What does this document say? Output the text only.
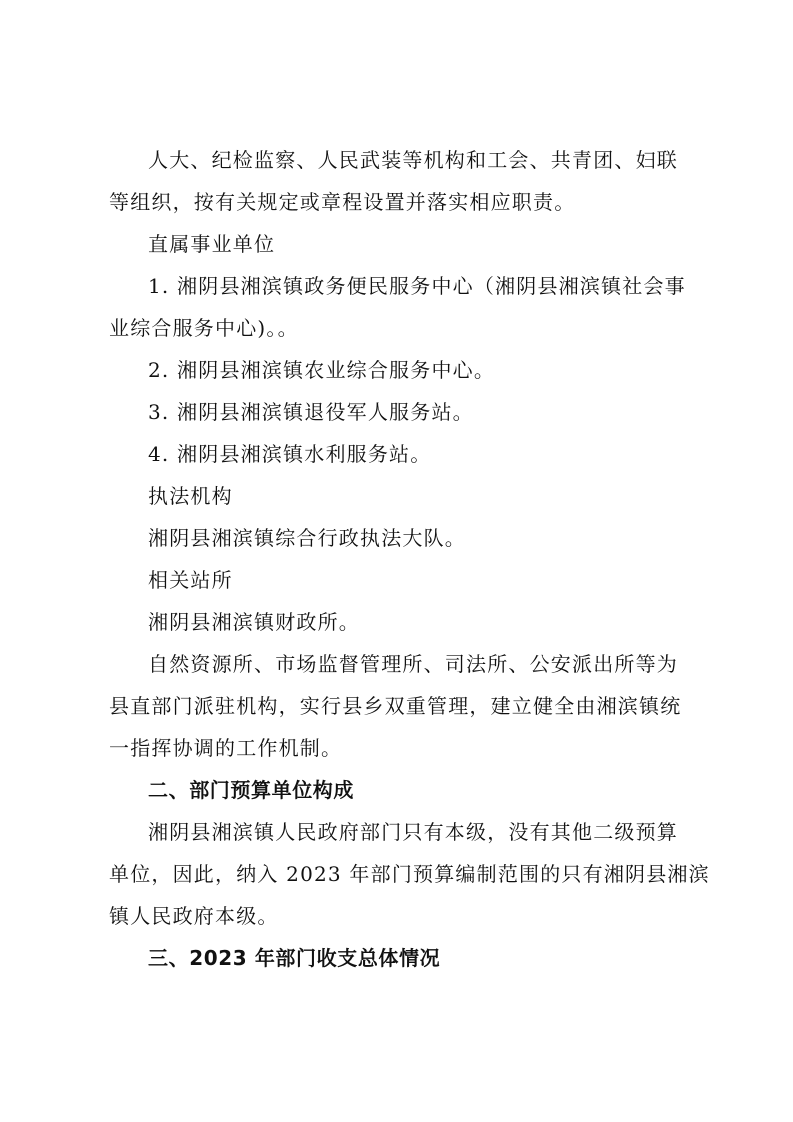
人大、纪检监察、人民武装等机构和工会、共青团、妇联
等组织，按有关规定或章程设置并落实相应职责。
直属事业单位
1. 湘阴县湘滨镇政务便民服务中心（湘阴县湘滨镇社会事
业综合服务中心)。。
2. 湘阴县湘滨镇农业综合服务中心。
3. 湘阴县湘滨镇退役军人服务站。
4. 湘阴县湘滨镇水利服务站。
执法机构
湘阴县湘滨镇综合行政执法大队。
相关站所
湘阴县湘滨镇财政所。
自然资源所、市场监督管理所、司法所、公安派出所等为
县直部门派驻机构，实行县乡双重管理，建立健全由湘滨镇统
一指挥协调的工作机制。
二、部门预算单位构成
湘阴县湘滨镇人民政府部门只有本级，没有其他二级预算
单位，因此，纳入 2023 年部门预算编制范围的只有湘阴县湘滨
镇人民政府本级。
三、2023 年部门收支总体情况
